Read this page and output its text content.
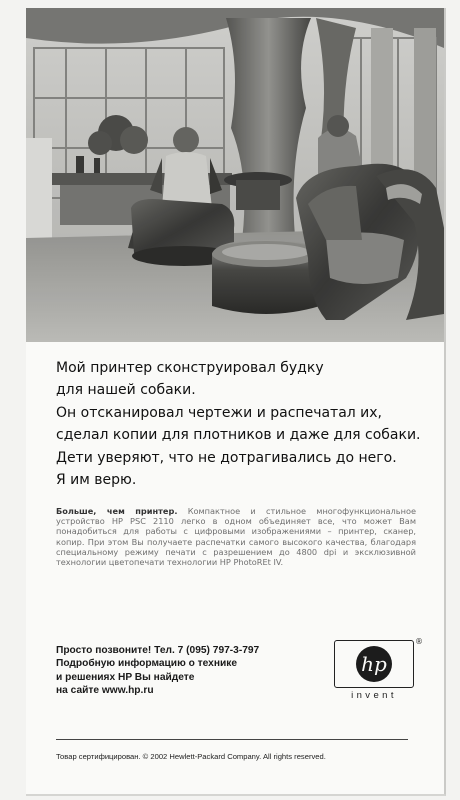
Мой принтер сконструировал будку
для нашей собаки.
Он отсканировал чертежи и распечатал их,
сделал копии для плотников и даже для собаки.
Дети уверяют, что не дотрагивались до него.
Я им верю.
Больше, чем принтер. Компактное и стильное многофункциональное устройство HP PSC 2110 легко в одном объединяет все, что может Вам понадобиться для работы с цифровыми изображениями – принтер, сканер, копир. При этом Вы получаете распечатки самого высокого качества, благодаря специальному режиму печати с разрешением до 4800 dpi и эксклюзивной технологии цветопечати технологии HP PhotoREt IV.
Просто позвоните! Тел. 7 (095) 797-3-797
Подробную информацию о технике
и решениях HP Вы найдете
на сайте www.hp.ru
hp
®
invent
Товар сертифицирован. © 2002 Hewlett-Packard Company. All rights reserved.
